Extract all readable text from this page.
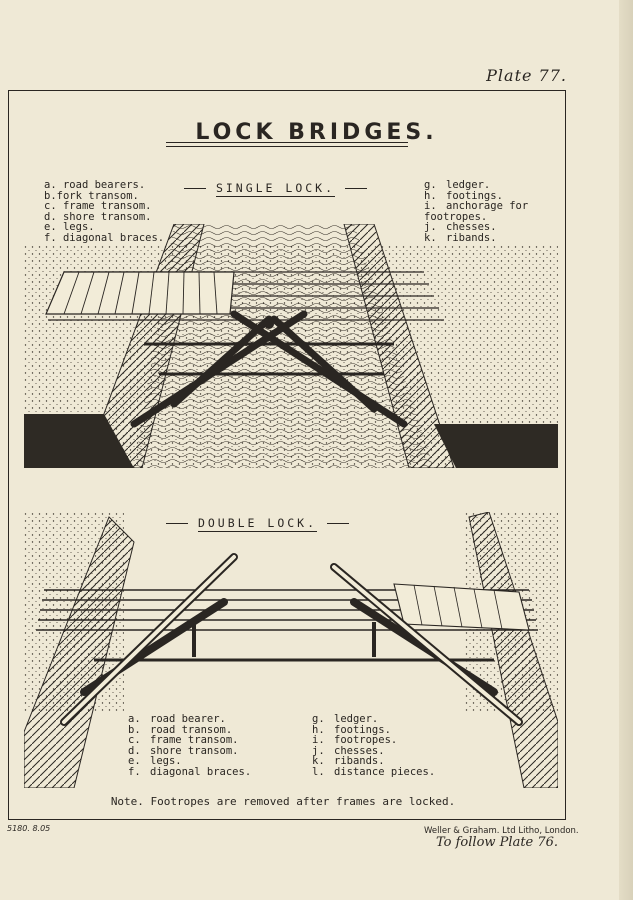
Plate 77.
LOCK BRIDGES.
a. road bearers.
b.fork transom.
c. frame transom.
d. shore transom.
e. legs.
f. diagonal braces.
SINGLE LOCK.	g. ledger.
h. footings.
i. anchorage for footropes.
j. chesses.
k. ribands.
DOUBLE LOCK.
a. road bearer.
b. road transom.
c. frame transom.
d. shore transom.
e. legs.
f. diagonal braces.
g. ledger.
h. footings.
i. footropes.
j. chesses.
k. ribands.
l. distance pieces.
Note. Footropes are removed after frames are locked.
5180. 8.05	Weller & Graham. Ltd Litho, London.
To follow Plate 76.
